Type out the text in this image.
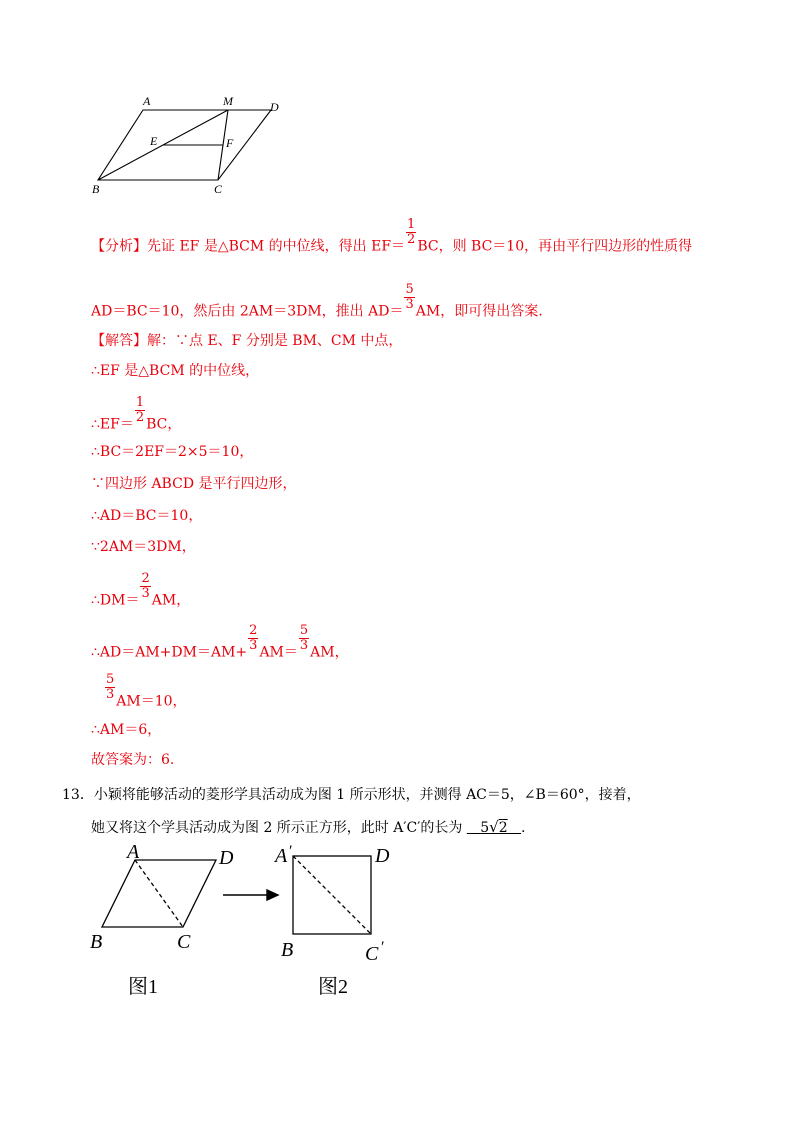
A	M	D
E	F
B	C
【分析】先证 EF 是△BCM 的中位线，得出 $EF= \frac{1}{2}$ BC，则 BC＝10，再由平行四边形的性质得
AD＝BC＝10，然后由 2AM＝3DM，推出 $AD= \frac{5}{3}$ AM，即可得出答案.
【解答】解：∵点 E、F 分别是 BM、CM 中点，
∴EF 是△BCM 的中位线，
∴EF＝ $\frac{1}{2}$ BC，
∴BC＝2EF＝2×5＝10，
∵四边形 ABCD 是平行四边形，
∴AD＝BC＝10，
∵2AM＝3DM，
∴DM＝ $\frac{2}{3}$ AM，
∴AD＝AM+DM＝AM+ $\frac{2}{3} AM= \frac{5}{3}$ AM，
$\frac{5}{3} AM=10$，
∴AM＝6，
故答案为：6.
13．小颖将能够活动的菱形学具活动成为图 1 所示形状，并测得 AC＝5，∠B＝60°，接着，
她又将这个学具活动成为图 2 所示正方形，此时 A′C′的长为 5√2 .
A	D
B	C
A ′	D
B	C ′
图1	图2
